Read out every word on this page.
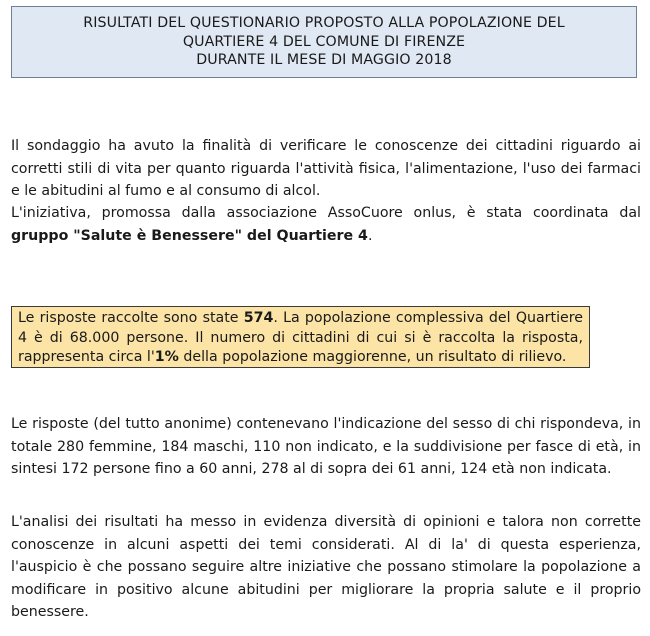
RISULTATI DEL QUESTIONARIO PROPOSTO ALLA POPOLAZIONE DEL
QUARTIERE 4 DEL COMUNE DI FIRENZE
DURANTE IL MESE DI MAGGIO 2018

Il sondaggio ha avuto la finalità di verificare le conoscenze dei cittadini riguardo ai corretti stili di vita per quanto riguarda l'attività fisica, l'alimentazione, l'uso dei farmaci e le abitudini al fumo e al consumo di alcol.

L'iniziativa, promossa dalla associazione AssoCuore onlus, è stata coordinata dal gruppo "Salute è Benessere" del Quartiere 4.

Le risposte raccolte sono state 574. La popolazione complessiva del Quartiere 4 è di 68.000 persone. Il numero di cittadini di cui si è raccolta la risposta, rappresenta circa l'1% della popolazione maggiorenne, un risultato di rilievo.

Le risposte (del tutto anonime) contenevano l'indicazione del sesso di chi rispondeva, in totale 280 femmine, 184 maschi, 110 non indicato, e la suddivisione per fasce di età, in sintesi 172 persone fino a 60 anni, 278 al di sopra dei 61 anni, 124 età non indicata.

L'analisi dei risultati ha messo in evidenza diversità di opinioni e talora non corrette conoscenze in alcuni aspetti dei temi considerati. Al di la' di questa esperienza, l'auspicio è che possano seguire altre iniziative che possano stimolare la popolazione a modificare in positivo alcune abitudini per migliorare la propria salute e il proprio benessere.
